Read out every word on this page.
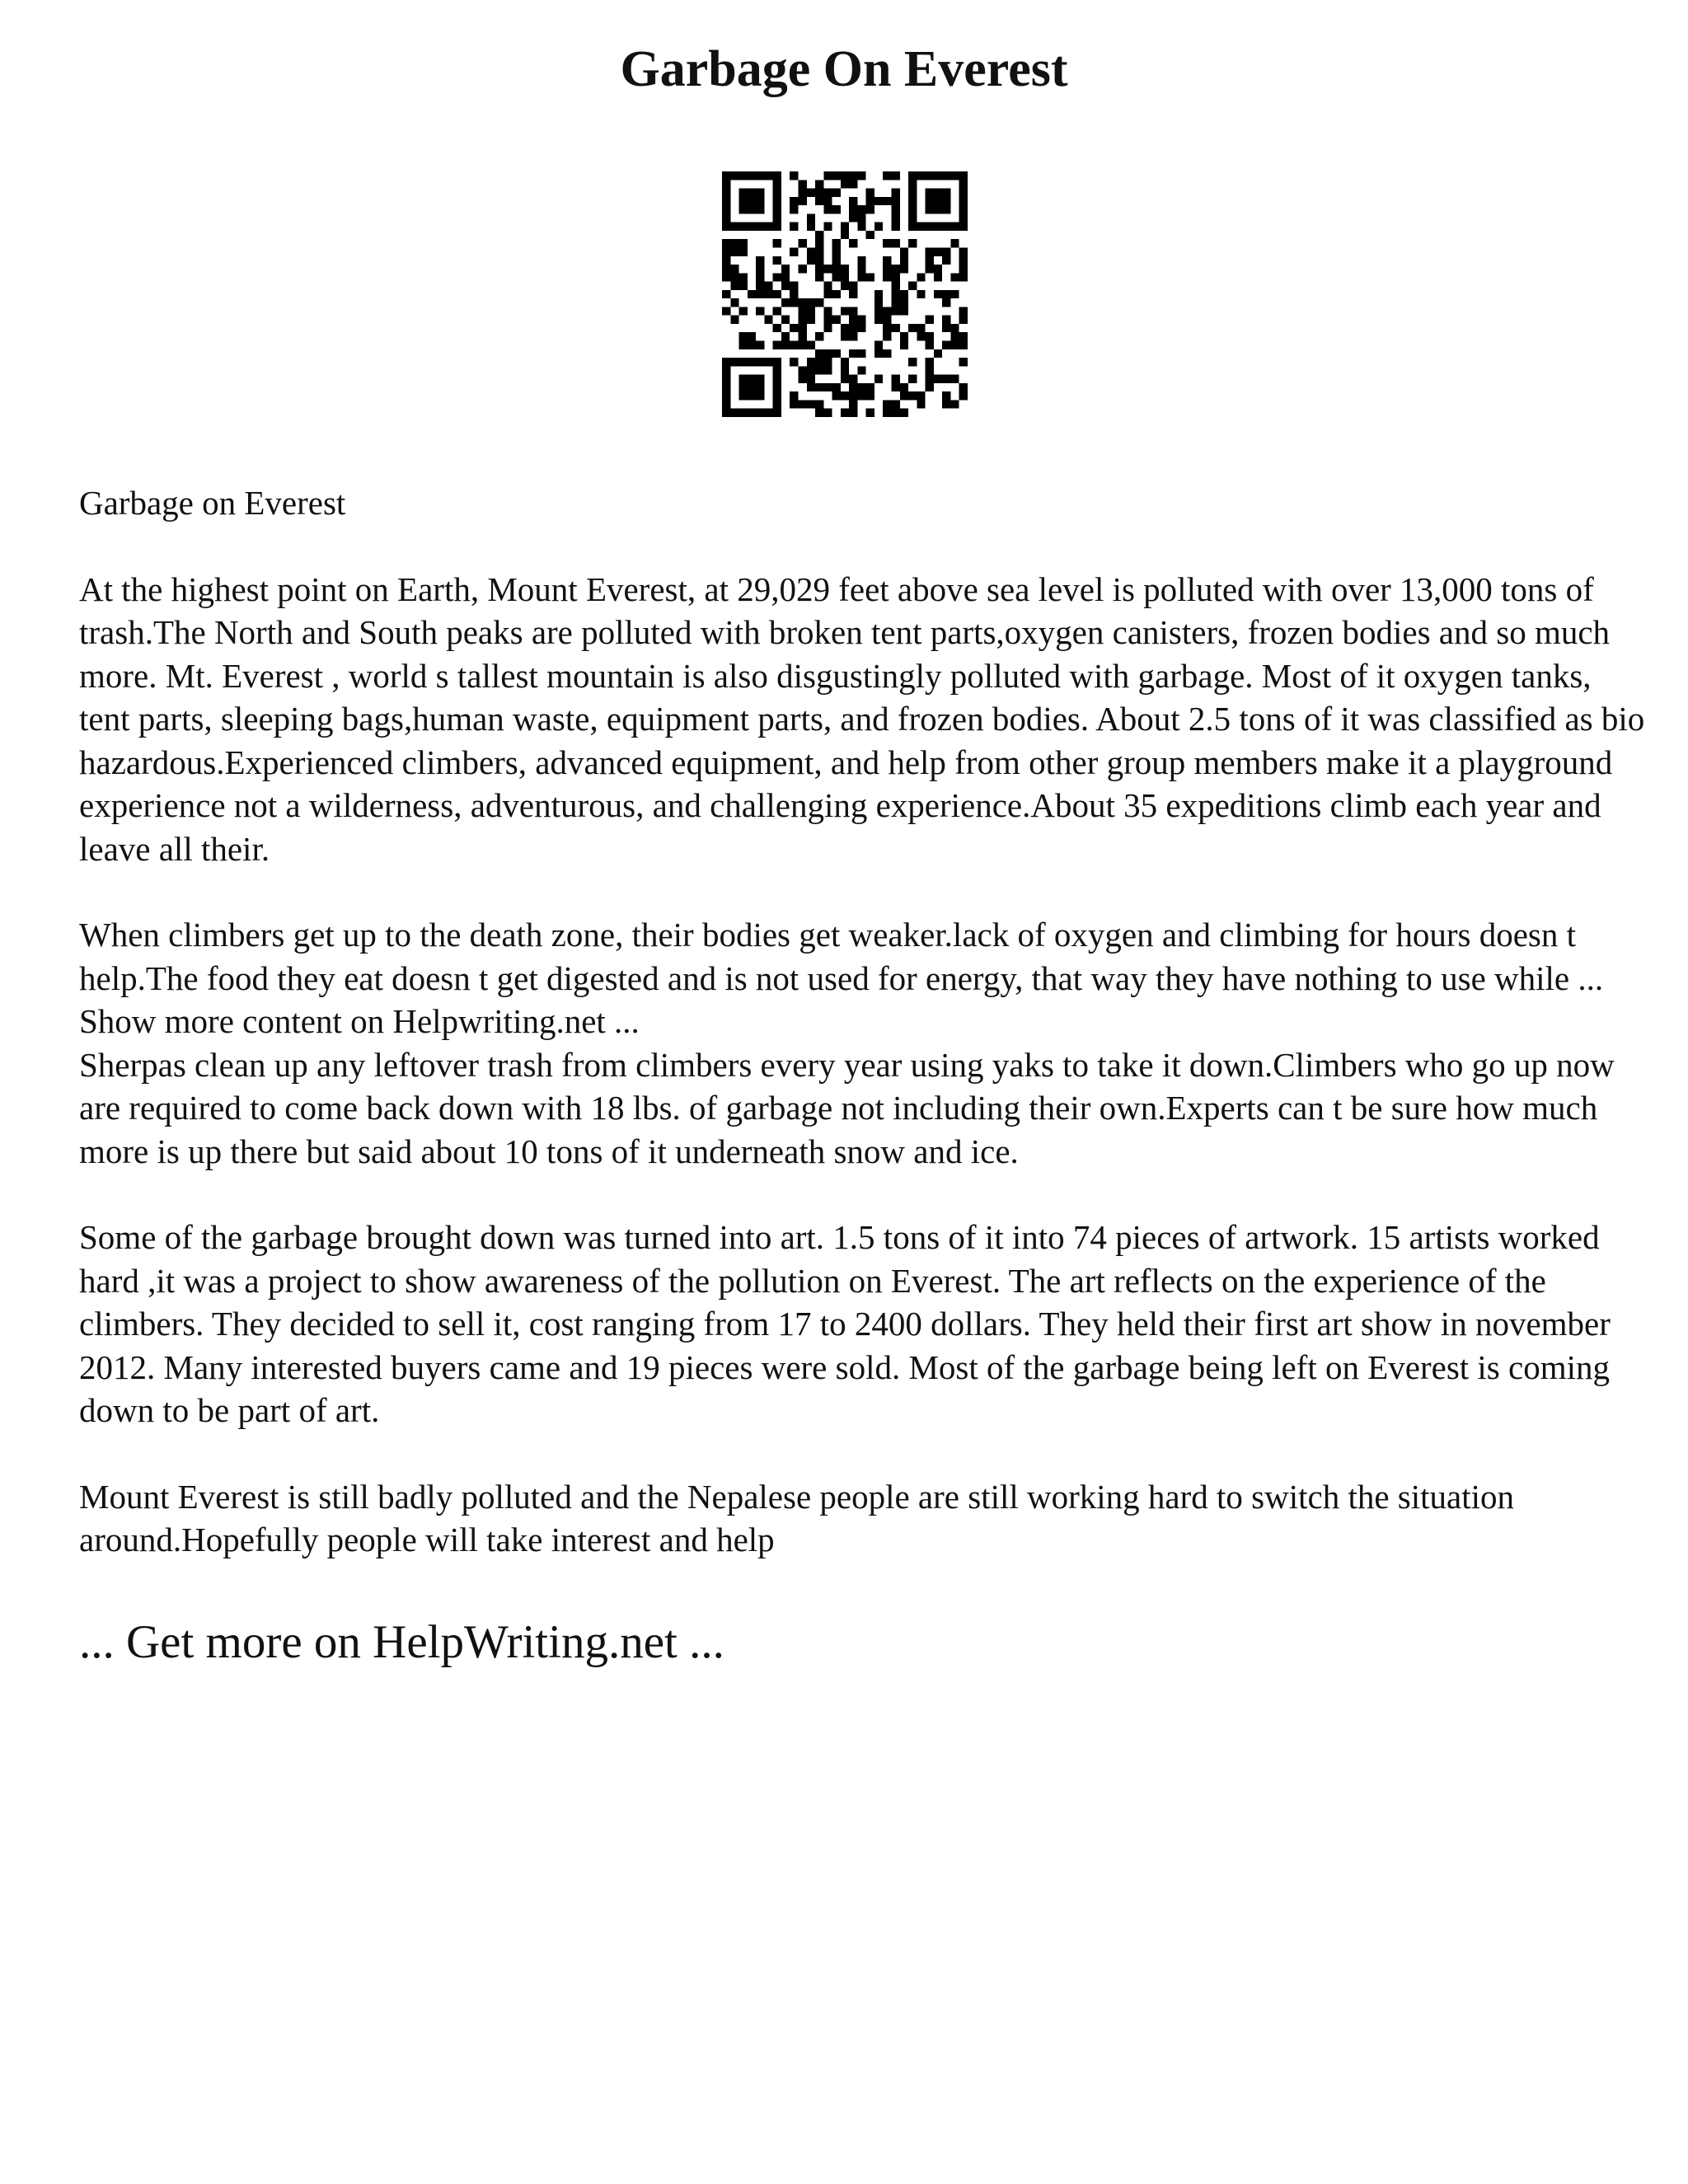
Garbage On Everest

Garbage on Everest

At the highest point on Earth, Mount Everest, at 29,029 feet above sea level is polluted with over 13,000 tons of trash.The North and South peaks are polluted with broken tent parts,oxygen canisters, frozen bodies and so much more. Mt. Everest , world s tallest mountain is also disgustingly polluted with garbage. Most of it oxygen tanks, tent parts, sleeping bags,human waste, equipment parts, and frozen bodies. About 2.5 tons of it was classified as bio hazardous.Experienced climbers, advanced equipment, and help from other group members make it a playground experience not a wilderness, adventurous, and challenging experience.About 35 expeditions climb each year and leave all their.

When climbers get up to the death zone, their bodies get weaker.lack of oxygen and climbing for hours doesn t help.The food they eat doesn t get digested and is not used for energy, that way they have nothing to use while ... Show more content on Helpwriting.net ...

Sherpas clean up any leftover trash from climbers every year using yaks to take it down.Climbers who go up now are required to come back down with 18 lbs. of garbage not including their own.Experts can t be sure how much more is up there but said about 10 tons of it underneath snow and ice.

Some of the garbage brought down was turned into art. 1.5 tons of it into 74 pieces of artwork. 15 artists worked hard ,it was a project to show awareness of the pollution on Everest. The art reflects on the experience of the climbers. They decided to sell it, cost ranging from 17 to 2400 dollars. They held their first art show in november 2012. Many interested buyers came and 19 pieces were sold. Most of the garbage being left on Everest is coming down to be part of art.

Mount Everest is still badly polluted and the Nepalese people are still working hard to switch the situation around.Hopefully people will take interest and help

... Get more on HelpWriting.net ...
